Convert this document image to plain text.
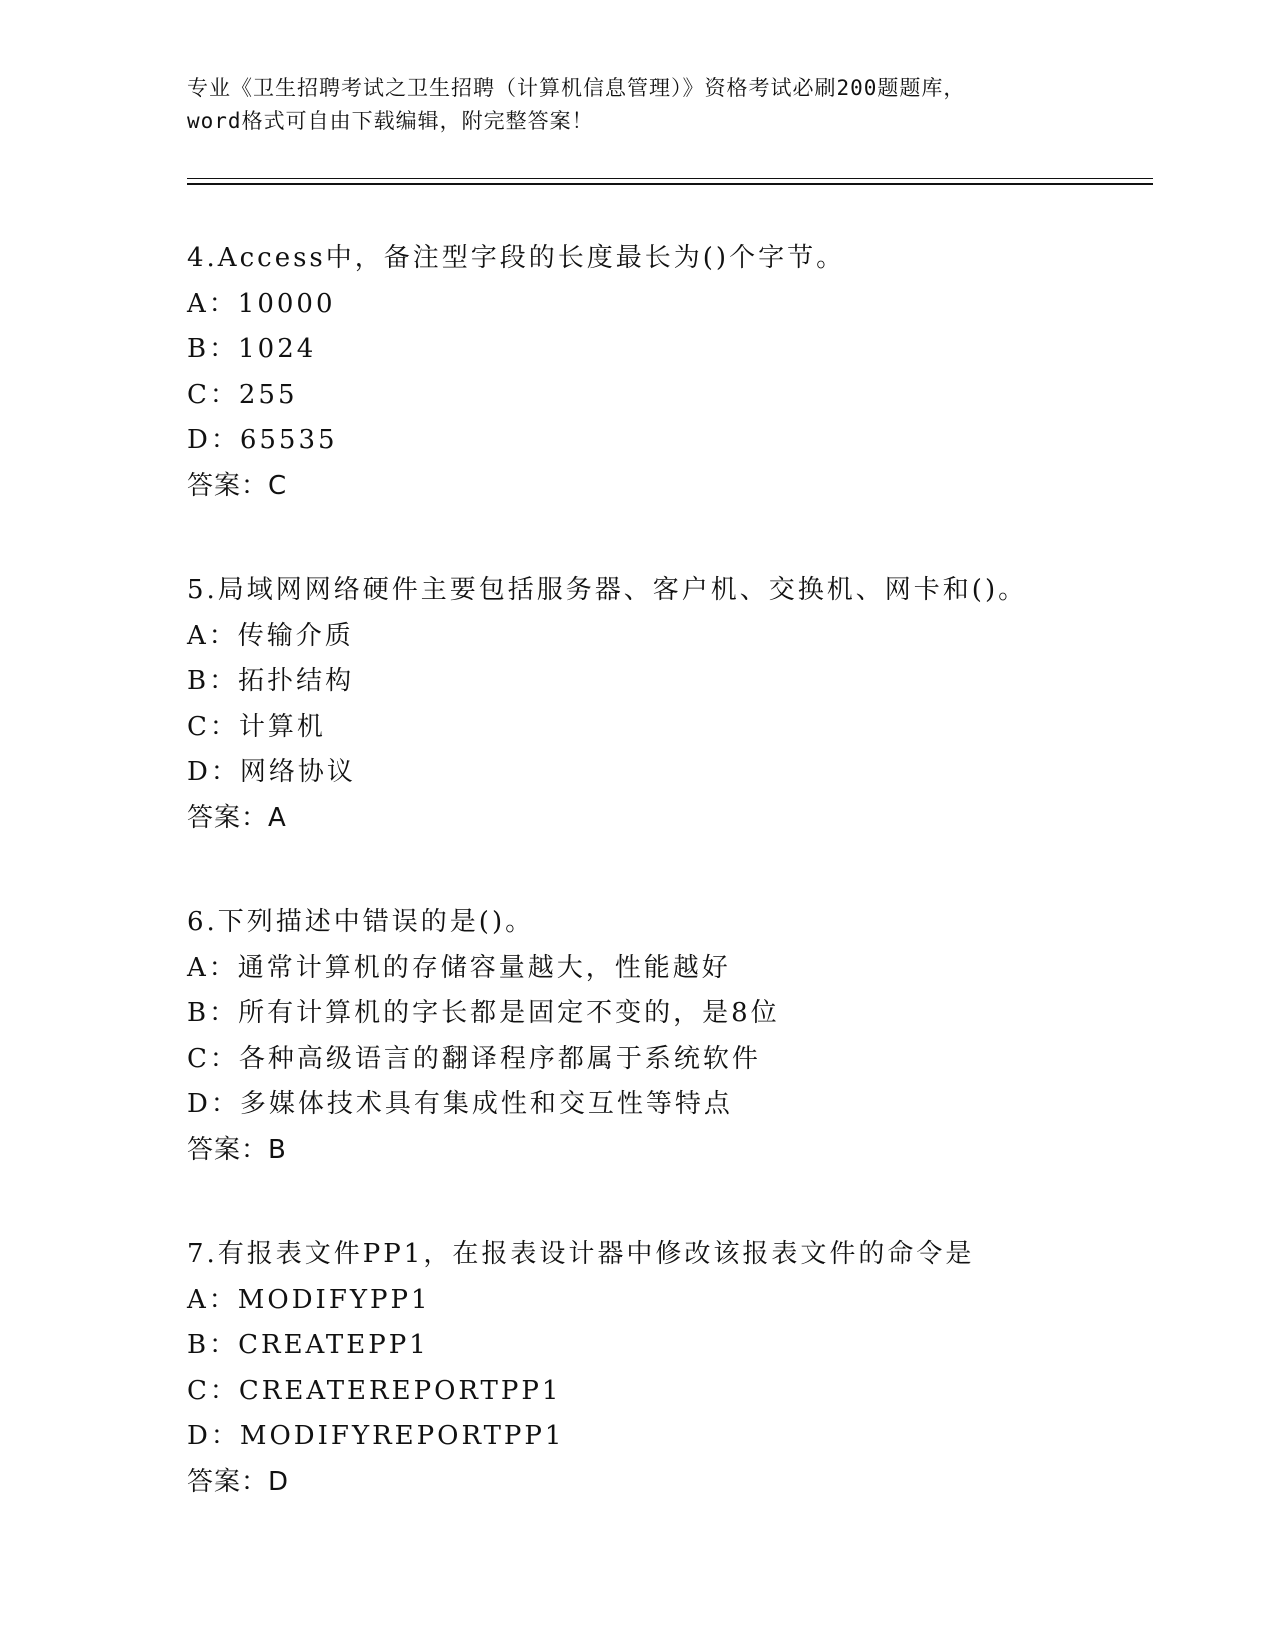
专业《卫生招聘考试之卫生招聘（计算机信息管理）》资格考试必刷200题题库，
word格式可自由下载编辑，附完整答案！
4.Access中，备注型字段的长度最长为()个字节。
A：10000
B：1024
C：255
D：65535
答案：C
5.局域网网络硬件主要包括服务器、客户机、交换机、网卡和()。
A：传输介质
B：拓扑结构
C：计算机
D：网络协议
答案：A
6.下列描述中错误的是()。
A：通常计算机的存储容量越大，性能越好
B：所有计算机的字长都是固定不变的，是8位
C：各种高级语言的翻译程序都属于系统软件
D：多媒体技术具有集成性和交互性等特点
答案：B
7.有报表文件PP1，在报表设计器中修改该报表文件的命令是
A：MODIFYPP1
B：CREATEPP1
C：CREATEREPORTPP1
D：MODIFYREPORTPP1
答案：D
